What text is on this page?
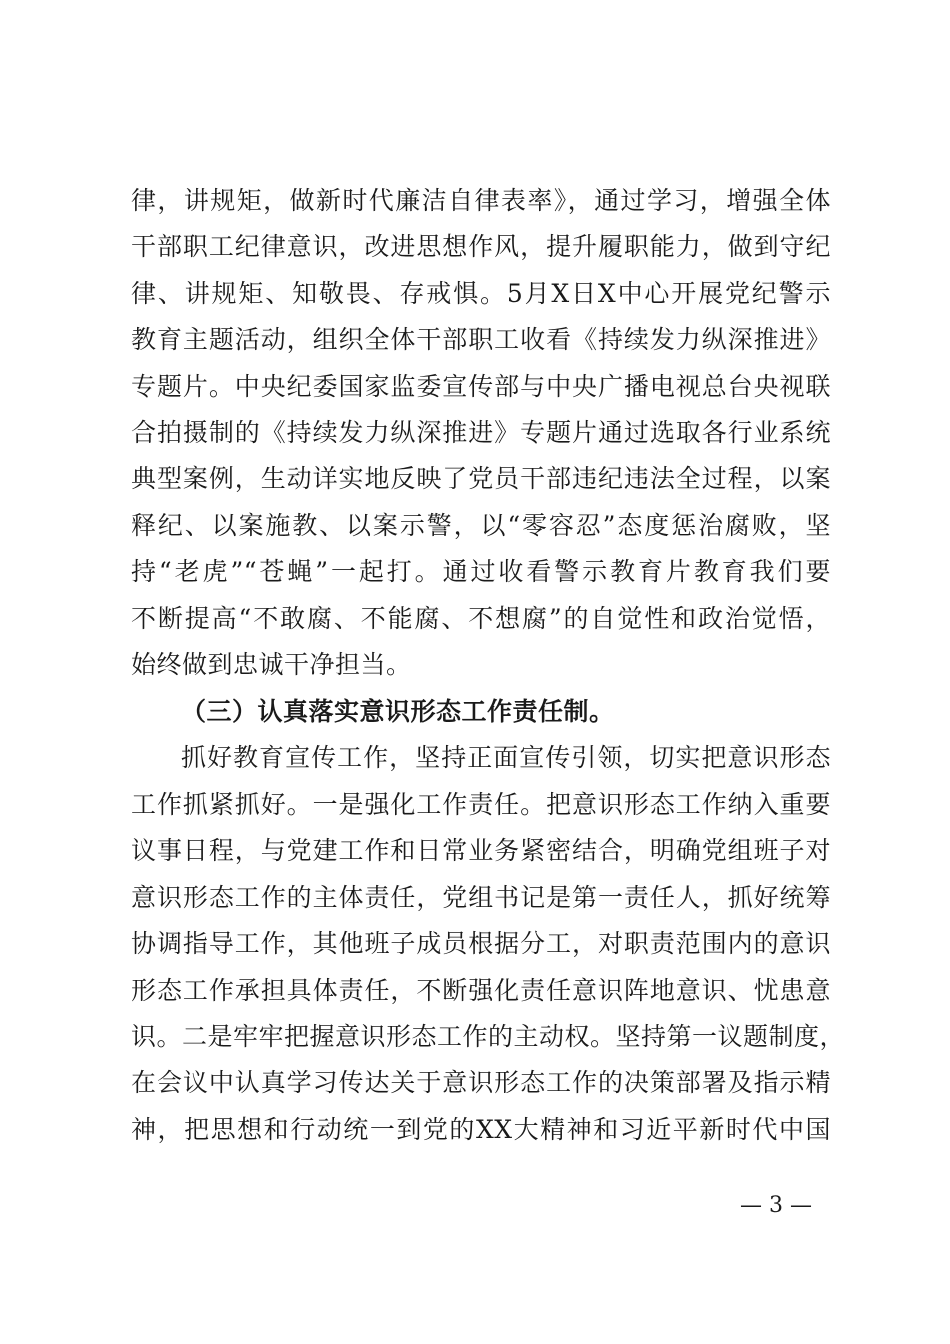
律，讲规矩，做新时代廉洁自律表率》，通过学习，增强全体
干部职工纪律意识，改进思想作风，提升履职能力，做到守纪
律、讲规矩、知敬畏、存戒惧。5月X日X中心开展党纪警示
教育主题活动，组织全体干部职工收看《持续发力纵深推进》
专题片。中央纪委国家监委宣传部与中央广播电视总台央视联
合拍摄制的《持续发力纵深推进》专题片通过选取各行业系统
典型案例，生动详实地反映了党员干部违纪违法全过程，以案
释纪、以案施教、以案示警，以“零容忍”态度惩治腐败，坚
持“老虎”“苍蝇”一起打。通过收看警示教育片教育我们要
不断提高“不敢腐、不能腐、不想腐”的自觉性和政治觉悟，
始终做到忠诚干净担当。
（三）认真落实意识形态工作责任制。
抓好教育宣传工作，坚持正面宣传引领，切实把意识形态
工作抓紧抓好。一是强化工作责任。把意识形态工作纳入重要
议事日程，与党建工作和日常业务紧密结合，明确党组班子对
意识形态工作的主体责任，党组书记是第一责任人，抓好统筹
协调指导工作，其他班子成员根据分工，对职责范围内的意识
形态工作承担具体责任，不断强化责任意识阵地意识、忧患意
识。二是牢牢把握意识形态工作的主动权。坚持第一议题制度，
在会议中认真学习传达关于意识形态工作的决策部署及指示精
神，把思想和行动统一到党的XX大精神和习近平新时代中国
— 3 —
